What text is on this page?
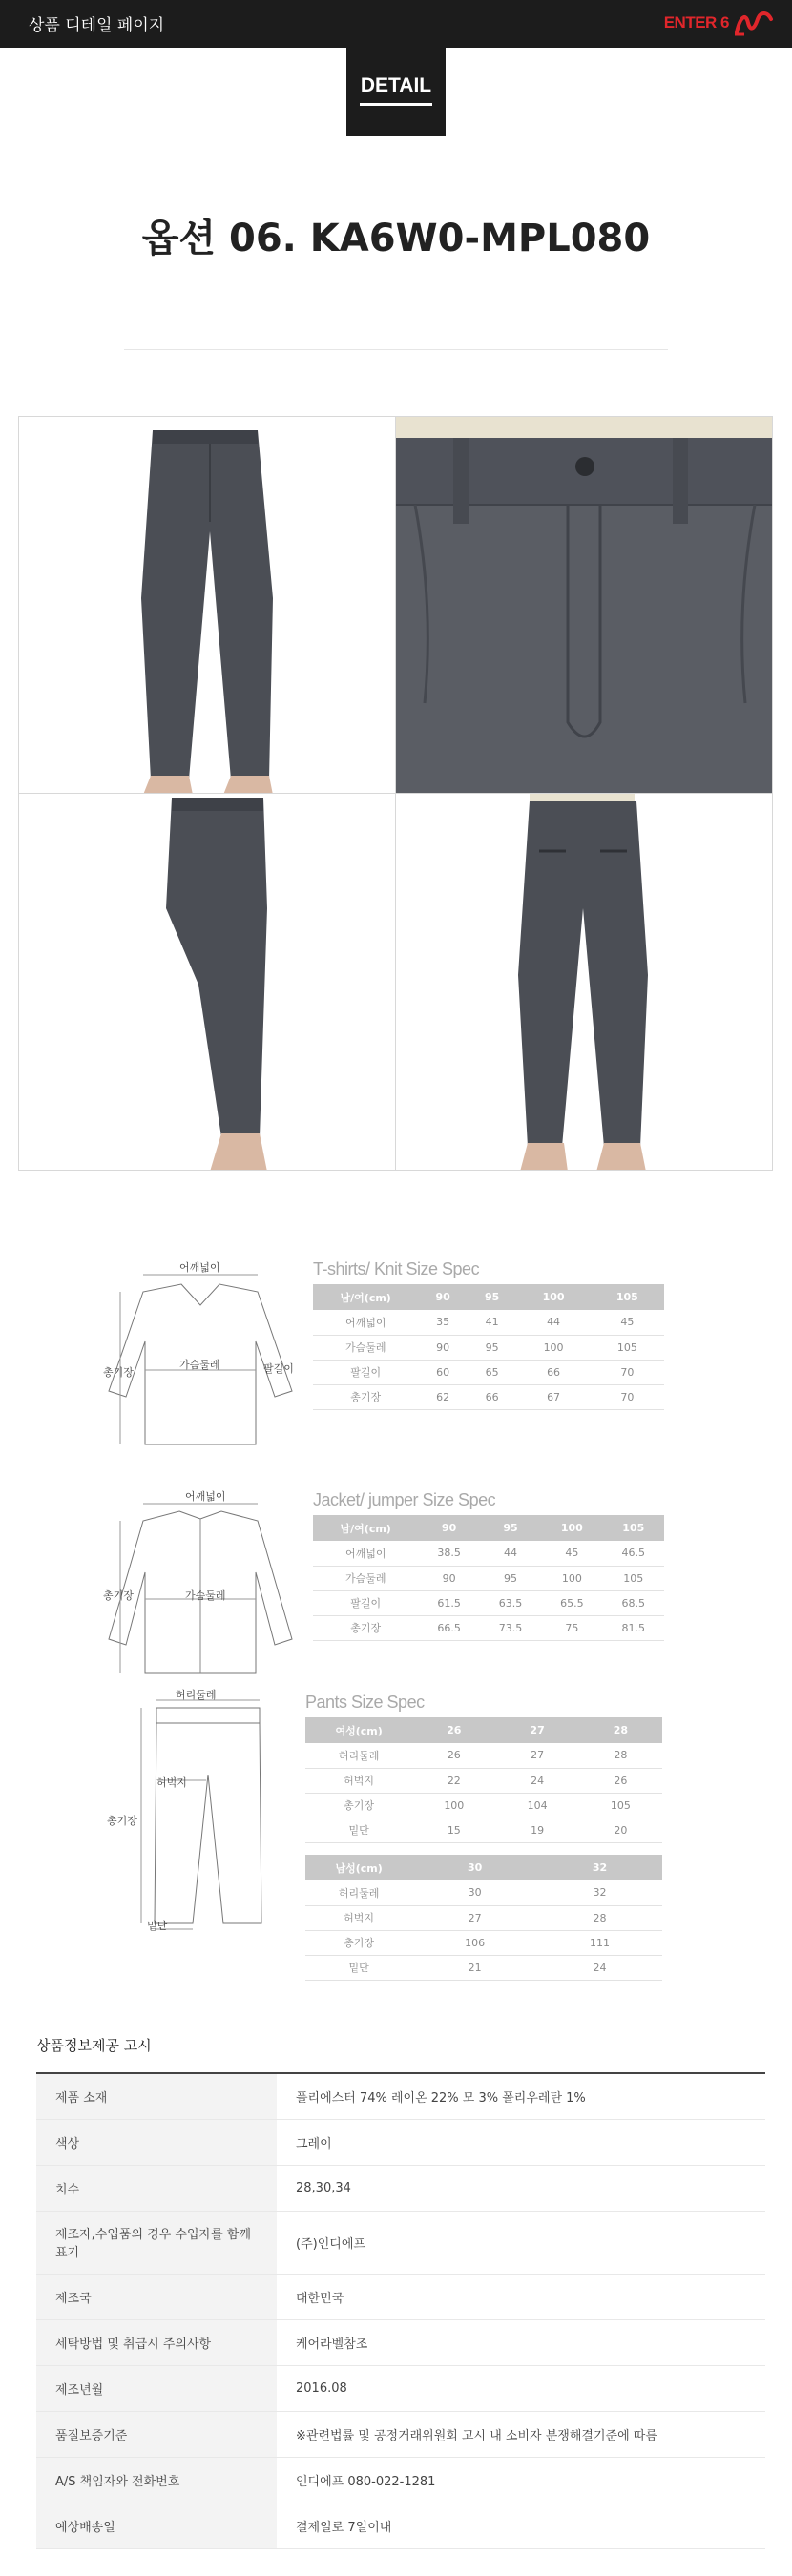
상품 디테일 페이지	ENTER 6
DETAIL
옵션 06. KA6W0-MPL080
어깨넓이
가슴둘레
총기장	팔길이
T-shirts/ Knit Size Spec
남/여(cm)	90	95	100	105
어깨넓이	35	41	44	45
가슴둘레	90	95	100	105
팔길이	60	65	66	70
총기장	62	66	67	70
어깨넓이
가슴둘레
총기장
Jacket/ jumper Size Spec
남/여(cm)	90	95	100	105
어깨넓이	38.5	44	45	46.5
가슴둘레	90	95	100	105
팔길이	61.5	63.5	65.5	68.5
총기장	66.5	73.5	75	81.5
허리둘레
허벅지
총기장
밑단
Pants Size Spec
여성(cm)	26	27	28
허리둘레	26	27	28
허벅지	22	24	26
총기장	100	104	105
밑단	15	19	20
남성(cm)	30	32
허리둘레	30	32
허벅지	27	28
총기장	106	111
밑단	21	24
상품정보제공 고시
제품 소재	폴리에스터 74% 레이온 22% 모 3% 폴리우레탄 1%
색상	그레이
치수	28,30,34
제조자,수입품의 경우 수입자를 함께 표기	(주)인디에프
제조국	대한민국
세탁방법 및 취급시 주의사항	케어라벨참조
제조년월	2016.08
품질보증기준	※관련법률 및 공정거래위원회 고시 내 소비자 분쟁해결기준에 따름
A/S 책임자와 전화번호	인디에프 080-022-1281
예상배송일	결제일로 7일이내
